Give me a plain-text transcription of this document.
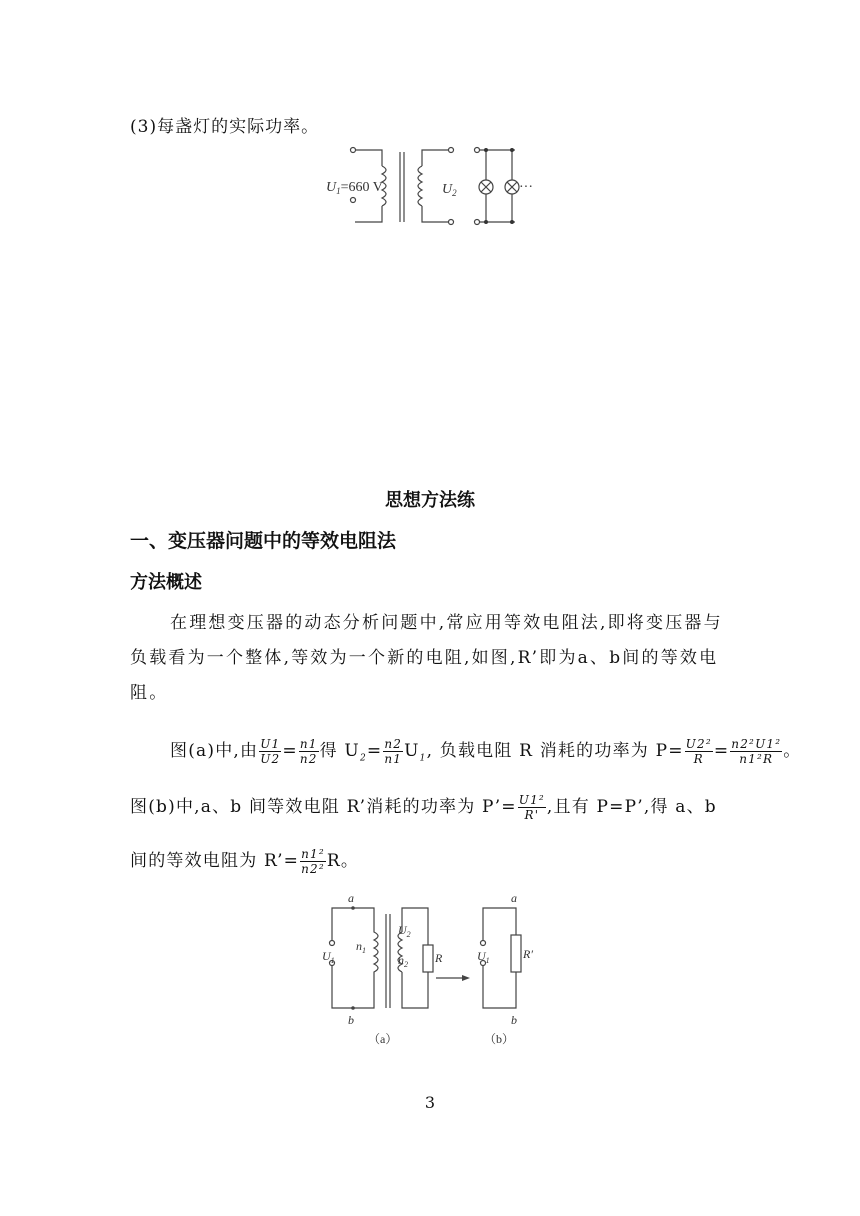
(3)每盏灯的实际功率。
$U_1=660$ V	$U_2$	···
思想方法练
一、变压器问题中的等效电阻法
方法概述
在理想变压器的动态分析问题中,常应用等效电阻法,即将变压器与负载看为一个整体,等效为一个新的电阻,如图,R’即为a、b间的等效电阻。
图(a)中,由 $\frac{U1}{U2} = \frac{n1}{n2}$ 得 $U_2= \frac{n2}{n1} U_1$, 负载电阻 R 消耗的功率为 $P= \frac{\text{U2²}}{R} = \frac{\text{n2²U1²}}{\text{n1²R}}$ 。
图(b)中,a、b 间等效电阻 R’消耗的功率为 P’= $\frac{\text{U1²}}{R'}$ ,且有 P=P’,得 a、b
间的等效电阻为 R’= $\frac{\text{n1²}}{\text{n2²}}$ R。
a
b
$U_1$
$n_1$
$n_2$
$U_2$
R
a
b
$U_1$	R′
（a）	（b）
3
